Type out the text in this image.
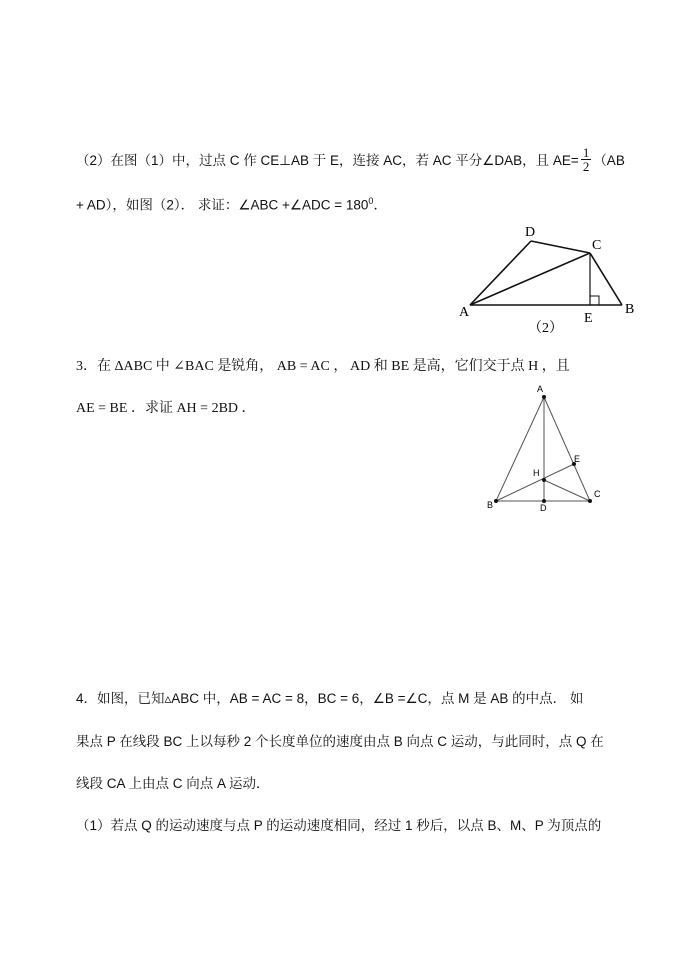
（2）在图（1）中，过点 C 作 CE⊥AB 于 E，连接 AC，若 AC 平分∠DAB，且 $AE= \frac{1}{2} (AB$
+ AD），如图（2）． 求证：∠ABC +∠ADC = $180^0$．
D
C
A	B
E
（2）
3．在 ΔABC 中 ∠BAC 是锐角， AB = AC ， AD 和 BE 是高，它们交于点 H ，且
AE = BE ．求证 AH = 2BD ．
A
E
H
C
B	D
4．如图，已知▵ABC 中，AB = AC = 8，BC = 6，∠B =∠C，点 M 是 AB 的中点． 如
果点 P 在线段 BC 上以每秒 2 个长度单位的速度由点 B 向点 C 运动，与此同时，点 Q 在
线段 CA 上由点 C 向点 A 运动．
（1）若点 Q 的运动速度与点 P 的运动速度相同，经过 1 秒后，以点 B、M、P 为顶点的
